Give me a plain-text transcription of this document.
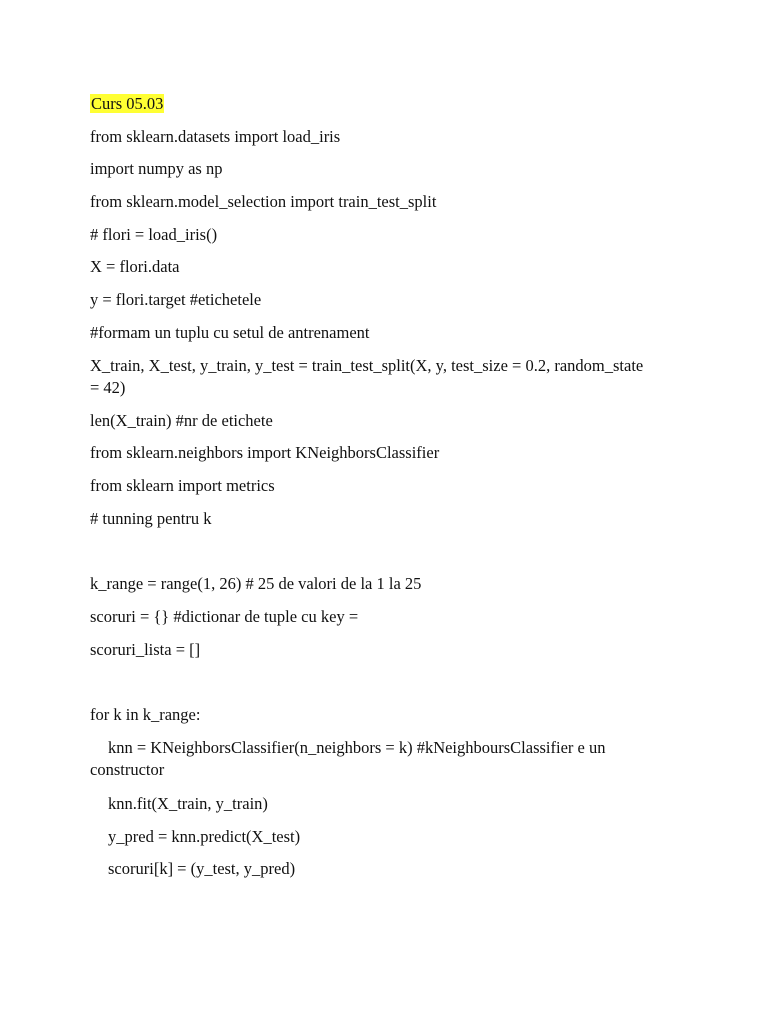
Curs 05.03
from sklearn.datasets import load_iris
import numpy as np
from sklearn.model_selection import train_test_split
# flori = load_iris()
X = flori.data
y = flori.target #etichetele
#formam un tuplu cu setul de antrenament
X_train, X_test, y_train, y_test = train_test_split(X, y, test_size = 0.2, random_state = 42)
len(X_train) #nr de etichete
from sklearn.neighbors import KNeighborsClassifier
from sklearn import metrics
# tunning pentru k
k_range = range(1, 26) # 25 de valori de la 1 la 25
scoruri = {} #dictionar de tuple cu key =
scoruri_lista = []
for k in k_range:
knn = KNeighborsClassifier(n_neighbors = k) #kNeighboursClassifier e un constructor
knn.fit(X_train, y_train)
y_pred = knn.predict(X_test)
scoruri[k] = (y_test, y_pred)
